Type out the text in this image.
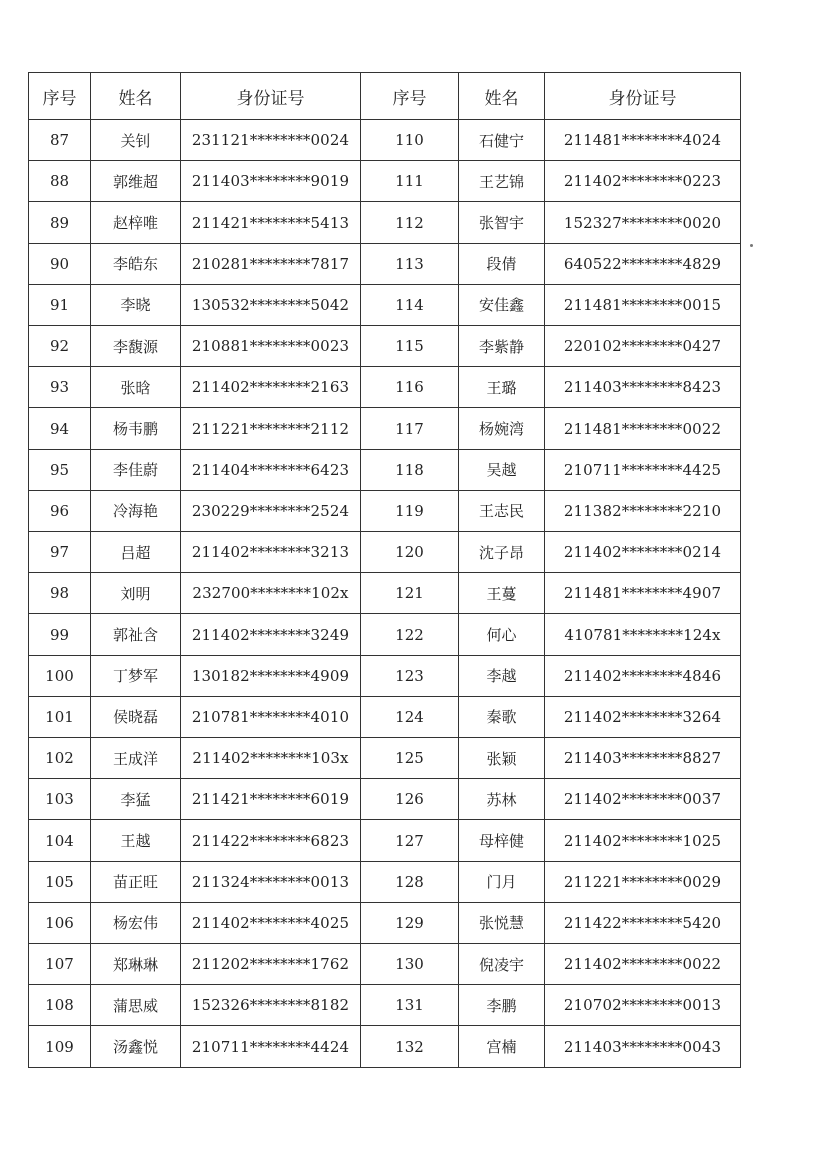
序号	姓名	身份证号	序号	姓名	身份证号
87	关钊	231121********0024	110	石健宁	211481********4024
88	郭维超	211403********9019	111	王艺锦	211402********0223
89	赵梓唯	211421********5413	112	张智宇	152327********0020
90	李皓东	210281********7817	113	段倩	640522********4829
91	李晓	130532********5042	114	安佳鑫	211481********0015
92	李馥源	210881********0023	115	李紫静	220102********0427
93	张晗	211402********2163	116	王璐	211403********8423
94	杨韦鹏	211221********2112	117	杨婉湾	211481********0022
95	李佳蔚	211404********6423	118	吴越	210711********4425
96	冷海艳	230229********2524	119	王志民	211382********2210
97	吕超	211402********3213	120	沈子昂	211402********0214
98	刘明	232700********102x	121	王蔓	211481********4907
99	郭祉含	211402********3249	122	何心	410781********124x
100	丁梦军	130182********4909	123	李越	211402********4846
101	侯晓磊	210781********4010	124	秦歌	211402********3264
102	王成洋	211402********103x	125	张颖	211403********8827
103	李猛	211421********6019	126	苏林	211402********0037
104	王越	211422********6823	127	母梓健	211402********1025
105	苗正旺	211324********0013	128	门月	211221********0029
106	杨宏伟	211402********4025	129	张悦慧	211422********5420
107	郑琳琳	211202********1762	130	倪凌宇	211402********0022
108	蒲思威	152326********8182	131	李鹏	210702********0013
109	汤鑫悦	210711********4424	132	宫楠	211403********0043
